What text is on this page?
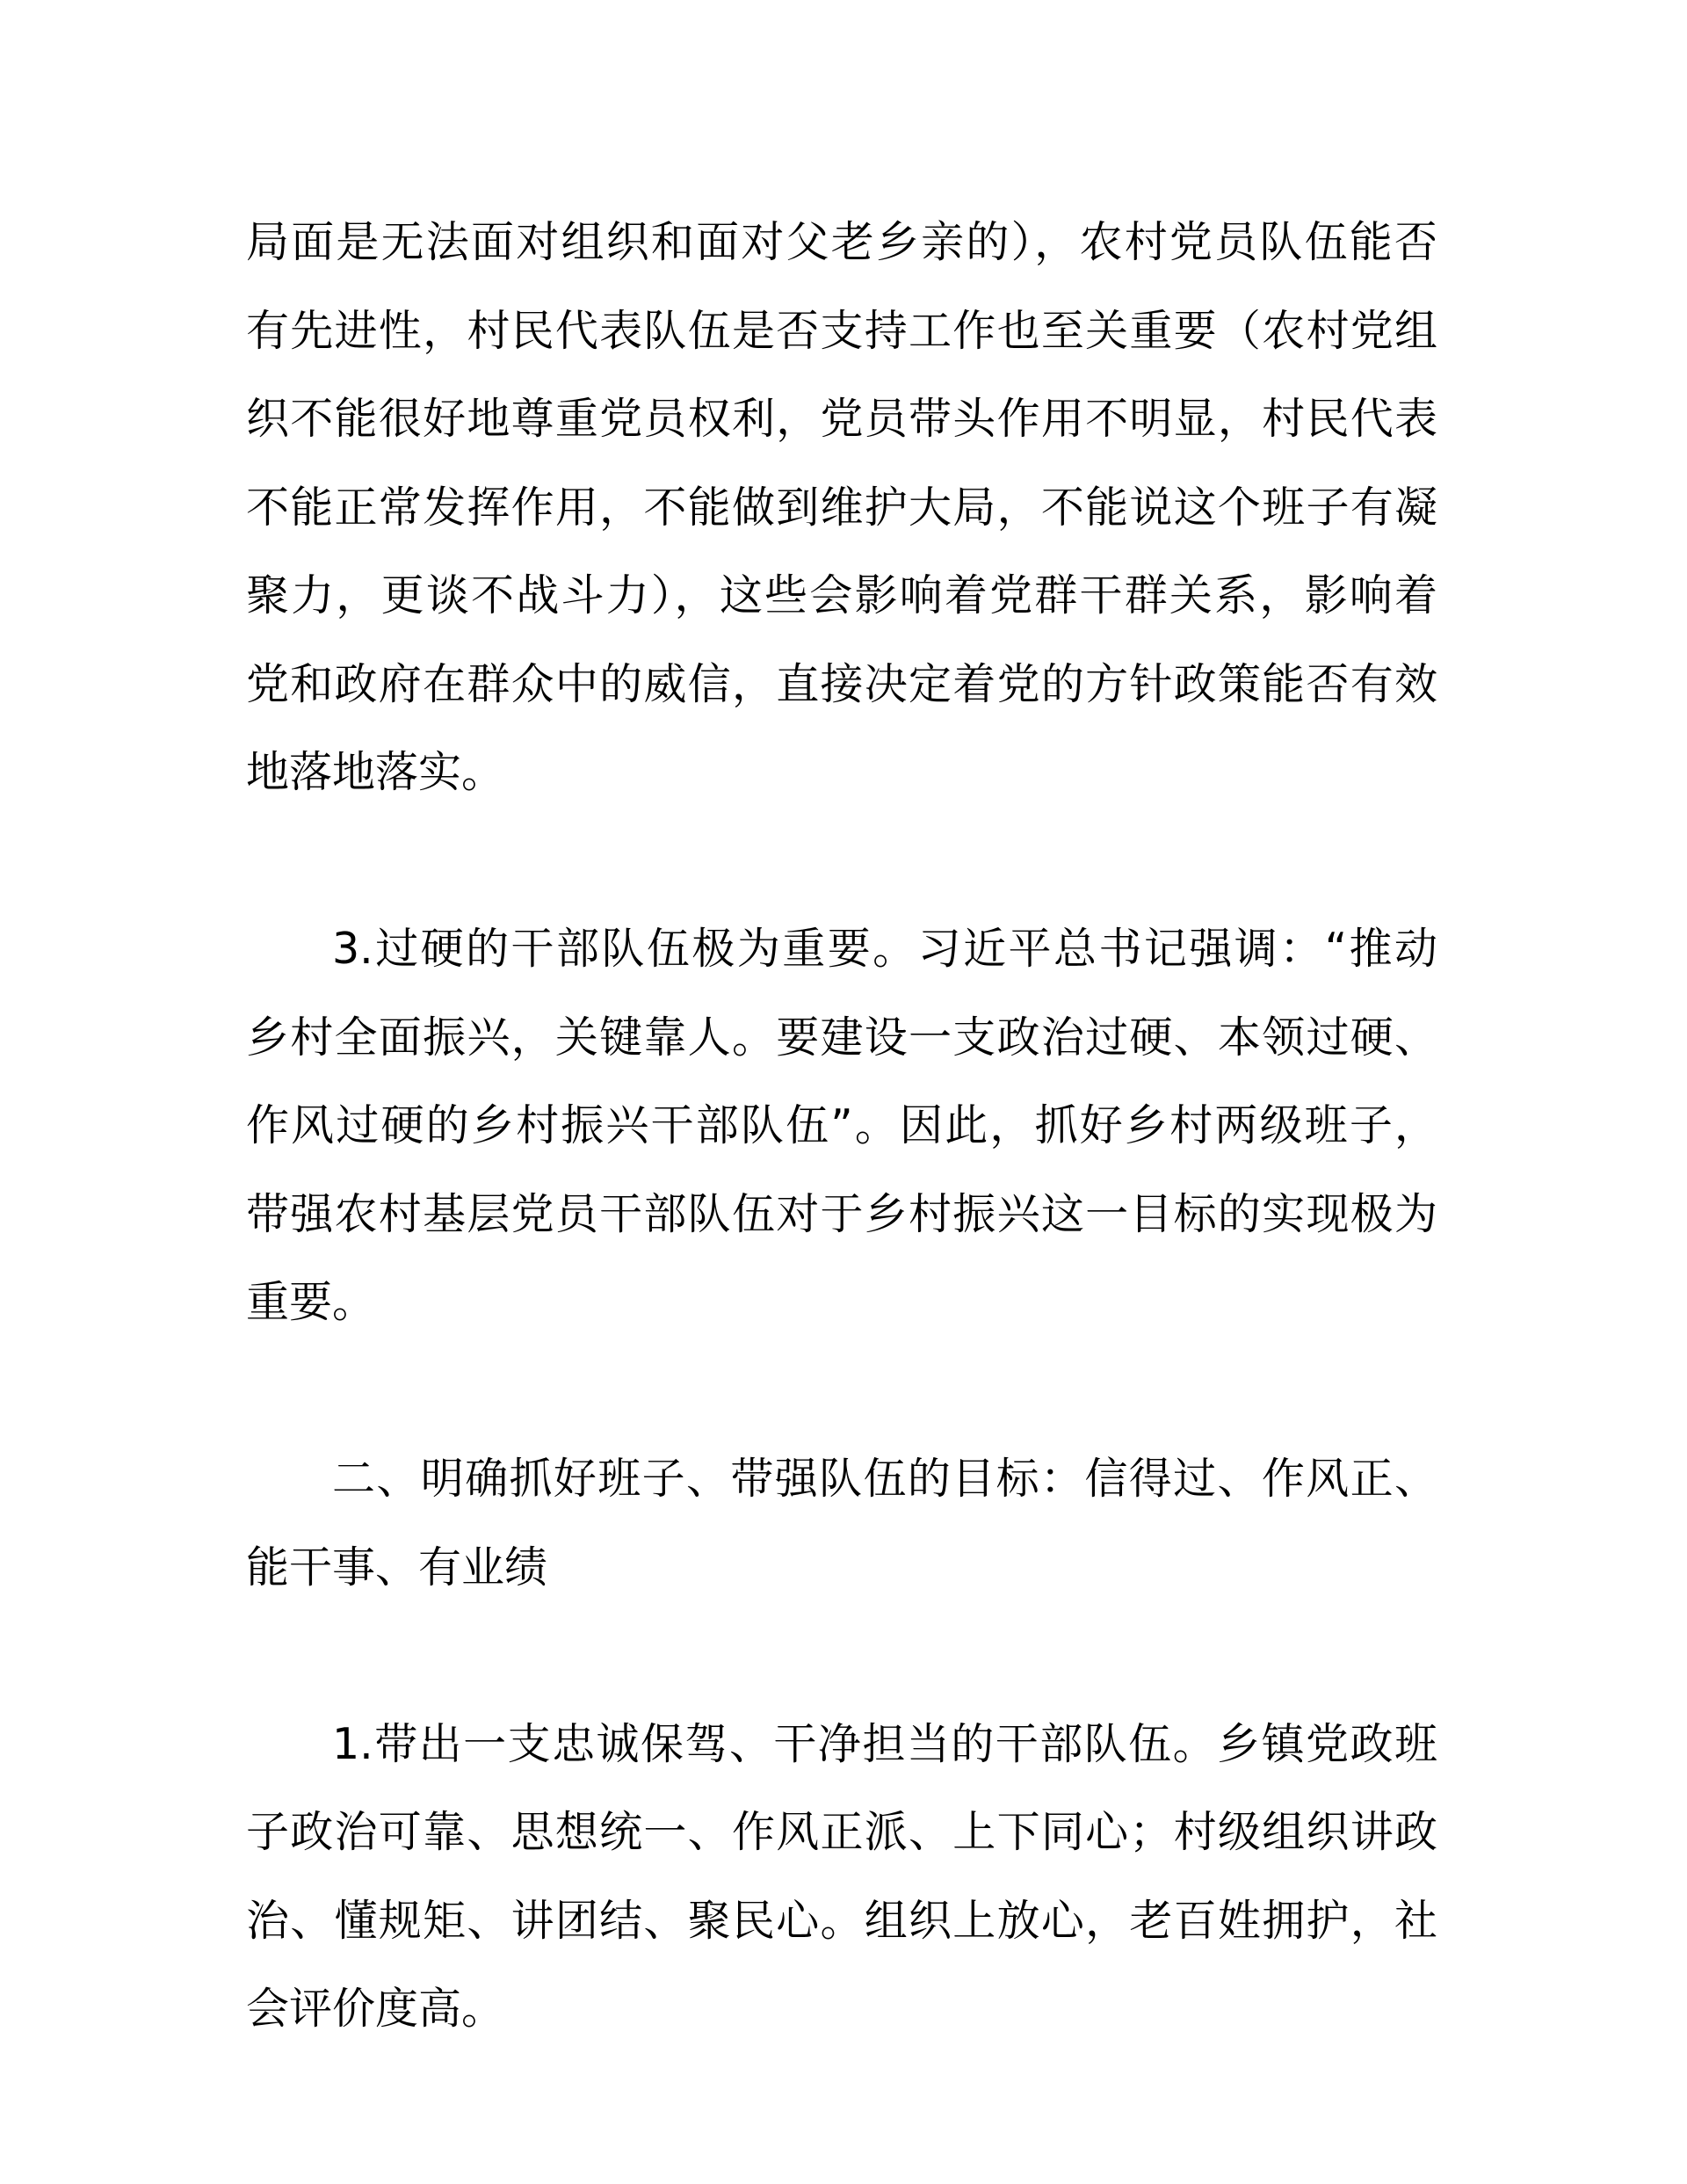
局面是无法面对组织和面对父老乡亲的），农村党员队伍能否
有先进性，村民代表队伍是否支持工作也至关重要（农村党组
织不能很好地尊重党员权利，党员带头作用不明显，村民代表
不能正常发挥作用，不能做到维护大局，不能说这个班子有凝
聚力，更谈不战斗力），这些会影响着党群干群关系，影响着
党和政府在群众中的威信，直接决定着党的方针政策能否有效
地落地落实。
3.过硬的干部队伍极为重要。习近平总书记强调：“推动
乡村全面振兴，关键靠人。要建设一支政治过硬、本领过硬、
作风过硬的乡村振兴干部队伍”。因此，抓好乡村两级班子，
带强农村基层党员干部队伍对于乡村振兴这一目标的实现极为
重要。
二、明确抓好班子、带强队伍的目标：信得过、作风正、
能干事、有业绩
1.带出一支忠诚保驾、干净担当的干部队伍。乡镇党政班
子政治可靠、思想统一、作风正派、上下同心；村级组织讲政
治、懂规矩、讲团结、聚民心。组织上放心，老百姓拥护，社
会评价度高。
